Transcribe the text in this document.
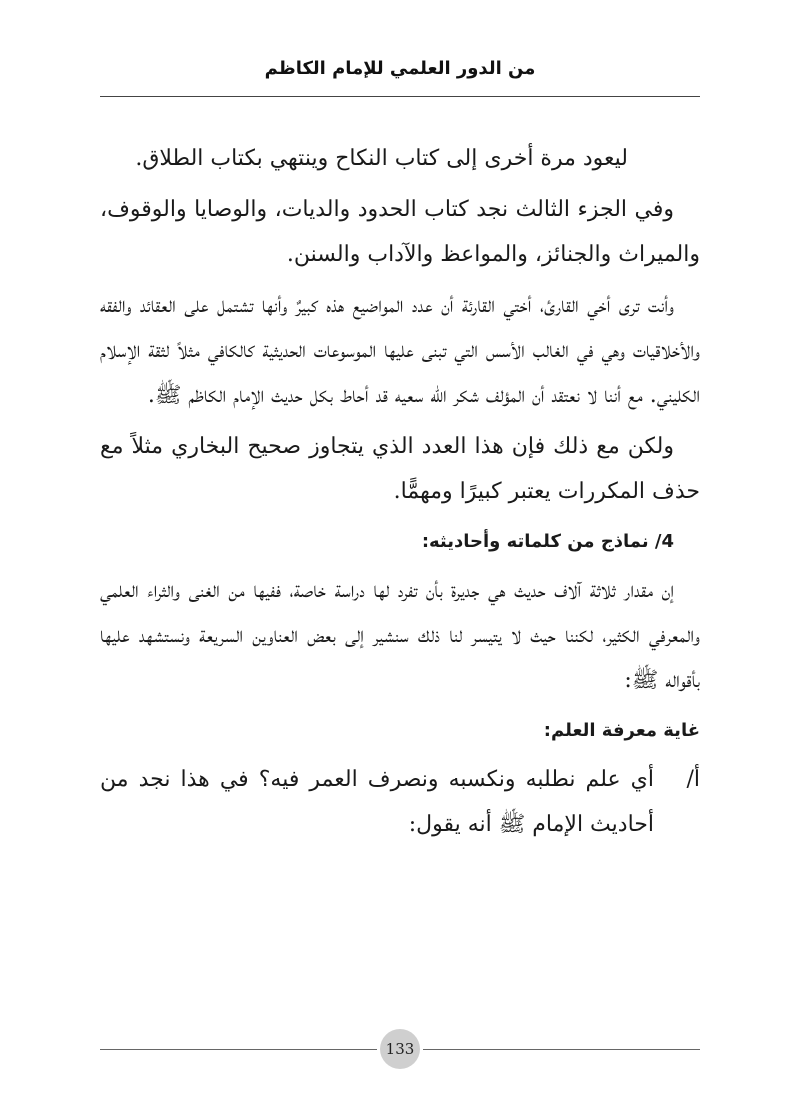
من الدور العلمي للإمام الكاظم

ليعود مرة أخرى إلى كتاب النكاح وينتهي بكتاب الطلاق.

وفي الجزء الثالث نجد كتاب الحدود والديات، والوصايا والوقوف، والميراث والجنائز، والمواعظ والآداب والسنن.

وأنت ترى أخي القارئ، أختي القارئة أن عدد المواضيع هذه كبيرٌ وأنها تشتمل على العقائد والفقه والأخلاقيات وهي في الغالب الأسس التي تبنى عليها الموسوعات الحديثية كالكافي مثلاً لثقة الإسلام الكليني. مع أننا لا نعتقد أن المؤلف شكر الله سعيه قد أحاط بكل حديث الإمام الكاظم ﷺ.

ولكن مع ذلك فإن هذا العدد الذي يتجاوز صحيح البخاري مثلاً مع حذف المكررات يعتبر كبيرًا ومهمًّا.

4/ نماذج من كلماته وأحاديثه:

إن مقدار ثلاثة آلاف حديث هي جديرة بأن تفرد لها دراسة خاصة، ففيها من الغنى والثراء العلمي والمعرفي الكثير، لكننا حيث لا يتيسر لنا ذلك سنشير إلى بعض العناوين السريعة ونستشهد عليها بأقواله ﷺ:

غاية معرفة العلم:
أ/
أي علم نطلبه ونكسبه ونصرف العمر فيه؟ في هذا نجد من أحاديث الإمام ﷺ أنه يقول:
133
